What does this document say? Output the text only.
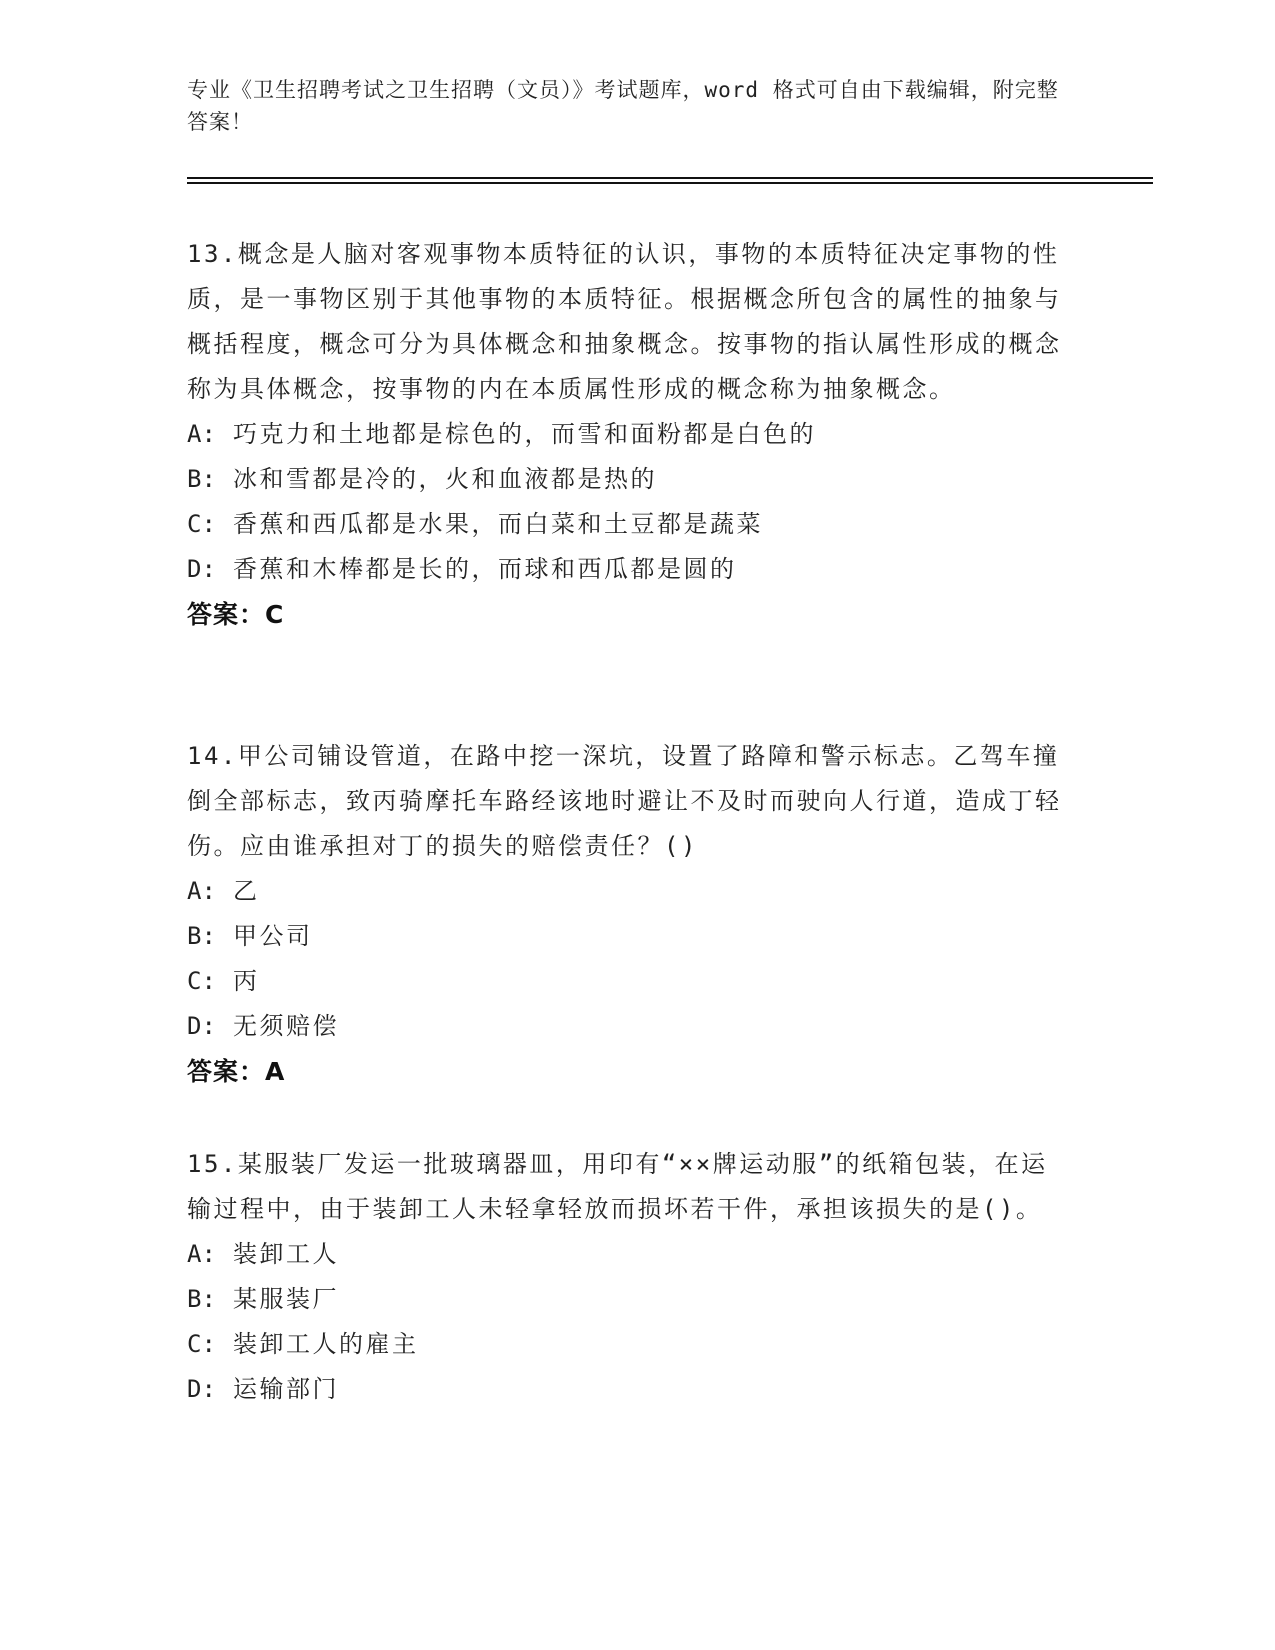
专业《卫生招聘考试之卫生招聘（文员）》考试题库，word 格式可自由下载编辑，附完整答案！

13.概念是人脑对客观事物本质特征的认识，事物的本质特征决定事物的性质，是一事物区别于其他事物的本质特征。根据概念所包含的属性的抽象与概括程度，概念可分为具体概念和抽象概念。按事物的指认属性形成的概念称为具体概念，按事物的内在本质属性形成的概念称为抽象概念。

A: 巧克力和土地都是棕色的，而雪和面粉都是白色的

B: 冰和雪都是冷的，火和血液都是热的

C: 香蕉和西瓜都是水果，而白菜和土豆都是蔬菜

D: 香蕉和木棒都是长的，而球和西瓜都是圆的

答案：C

14.甲公司铺设管道，在路中挖一深坑，设置了路障和警示标志。乙驾车撞倒全部标志，致丙骑摩托车路经该地时避让不及时而驶向人行道，造成丁轻伤。应由谁承担对丁的损失的赔偿责任？()

A: 乙

B: 甲公司

C: 丙

D: 无须赔偿

答案：A

15.某服装厂发运一批玻璃器皿，用印有“××牌运动服”的纸箱包装，在运输过程中，由于装卸工人未轻拿轻放而损坏若干件，承担该损失的是()。

A: 装卸工人

B: 某服装厂

C: 装卸工人的雇主

D: 运输部门
